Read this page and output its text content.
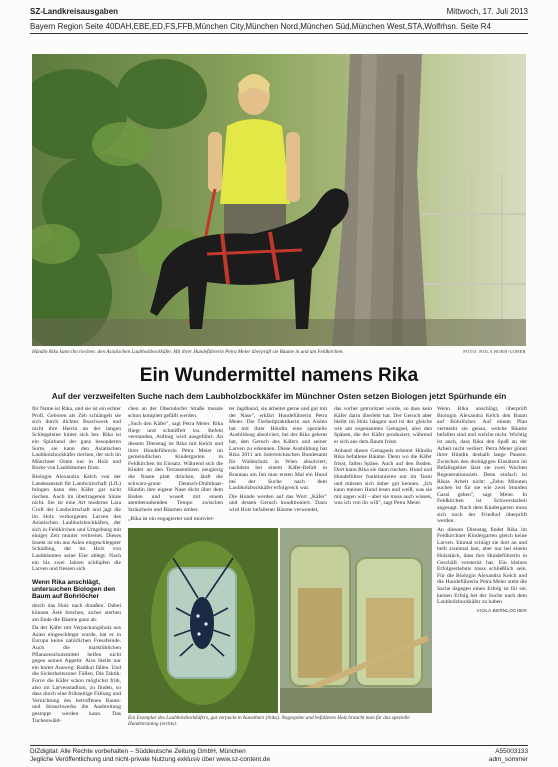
SZ-Landkreisausgaben	Mittwoch, 17. Juli 2013
Bayern Region Seite 40DAH,EBE,ED,FS,FFB,München City,München Nord,München Süd,München West,STA,Wolfrhsn. Seite R4
Hündin Rika kann ihn riechen: den Asiatischen Laubholzbockkäfer. Mit ihrer Hundeführerin Petra Meier überprüft sie Bäume in und um Feldkirchen.	FOTO: NOLA BORN-LOHER
Ein Wundermittel namens Rika
Auf der verzweifelten Suche nach dem Laubholzbockkäfer im Münchner Osten setzen Biologen jetzt Spürhunde ein

Ihr Name ist Rika, und sie ist ein echter Profi. Geboren als Zeh schlängelt sie sich durch dichtes Buschwerk und nicht ihre Herrin an der langen Schleppleine hinter sich her. Rika ist ein Spürhund der ganz besonderen Sorte, sie kann den Asiatischen Laubholzbockkäfer riechen, der sich im Münchner Osten nur in Holz und Borke von Laubbäumen frisst.

Biologin Alexandra Kelch von der Landesanstalt für Landwirtschaft (LfL) bringen kann den Käfer gar nicht riechen. Auch im übertragenen Sinne nicht. Sie ist eine Art moderne Lara Croft der Landwirtschaft und jagt die im Holz verborgenen Larven des Asiatischen Laubholzbockkäfers, der sich in Feldkirchen und Umgebung mit einiger Zeit munter verbreitet. Dieses Insekt ist ein aus Asien eingeschleppter Schädling, der im Holz von Laubbäumen seine Eier ablegt. Nach ein bis zwei Jahren schlüpfen die Larven und fressen sich

Wenn Rika anschlägt, untersuchen Biologen den Baum auf Bohrlöcher

durch das Holz nach draußen. Dabei können Äste brechen, sicher sterben am Ende die Bäume ganz ab.

Da der Käfer mit Verpackungsholz aus Asien eingeschleppt wurde, hat er in Europa keine natürlichen Fressfeinde. Auch die marktüblichen Pflanzenschutzmittel helfen nicht gegen seinen Appetit. Also bleibt nur ein harter Ausweg: Radikal fällen. Und die Sicherheitszone: Fällen. Die Taktik: Force die Käfer schon möglichst früh, also im Larvenstadium, zu finden, so dass durch eine frühzeitige Fällung und Vernichtung des betroffenen Baum- und Strauchwerks die Ausbreitung gestoppt werden kann. Das Tuchenwäld-

chen an der Oberndorfer Straße musste schon komplett gefällt werden.

„Such den Käfer", sagt Petra Meier. Rika fliegt und schnüffelt los. Befehl verstanden, Auftrag wird ausgeführt. An diesem Dienstag ist Rika mit Kelch und ihrer Hundeführerin Petra Meier im gemeindlichen Kindergarten in Feldkirchen im Einsatz. Während sich die Kinder an den Terrassentüren neugierig die Nasen platt drücken, läuft die schwarz-graue Deutsch-Drahthaar-Hündin ihre eigene Nase dicht über dem Boden und wuselt mit einem atemberaubenden Tempo zwischen Sträuchern und Bäumen umher.

„Rika ist ein engagierter und motivier-

ter Jagdhund, sie arbeitet gerne und gut mit der Nase", erklärt Hundeführerin Petra Meier. Die Tierheilpraktikerin aus Aislen hat mit ihrer Hündin eine spezielle Ausbildung absolviert, bei der Rika gelernt hat, den Geruch des Käfers und seiner Larven zu erkennen. Diese Ausbildung hat Rika 2011 am österreichischen Bundesamt für Waldschutz in Wien absolviert, nachdem bei einem Käfer-Befall in Braunau am Inn man ersten Mal ein Hund bei der Suche nach dem Laubholzbockkäfer erfolgreich war.

Die Hunde werden auf das Wort „Käfer" und dessen Geruch konditioniert. Dazu wird Holz befallener Bäume verwendet,

das vorher getrocknet wurde, so dass kein Käfer darin überlebt hat. Der Geruch aber bleibt im Holz hängen und ist der gleiche wie am sogenannten Genagsel, also den Spänen, die der Käfer produziert, während er sich aus dem Baum frisst.

Anhand dieses Genagsels erkennt Hündin Rika befallene Bäume. Denn wo die Käfer frisst, fallen Späne. Auch auf den Boden. Dort kann Rika sie dann riechen. Hund und Hundeführer funktionieren nur im Team und müssen sich daher gut kennen. „Ich kann meinen Hund lesen und weiß, was sie mir sagen will – aber sie muss auch wissen, was ich von ihr will", sagt Petra Meier.

Wenn Rika anschlägt, überprüft Biologin Alexandra Kelch den Baum auf Bohrlöcher. Auf einem Plan vermerkt sie genau, welche Bäume befallen sind und welche nicht. Wichtig ist auch, dass Rika den Spaß an der Arbeit nicht verliert. Petra Meier gönnt ihrer Hündin deshalb lange Pausen. Zwischen den dreitägigen Einsätzen im Befallsgebiet lässt sie zwei Wochen Regenerationszeit. Denn einfach ist Rikas Arbeit nicht: „Zehn Minuten suchen ist für sie wie zwei Stunden Gassi gehen", sagt Meier. In Feldkirchen ist Schwerstarbeit angesagt. Nach dem Kindergarten muss sich noch der Friedhof überprüft werden.

An diesem Dienstag findet Rika im Feldkirchner Kindergarten gleich keine Larven. Einmal schlägt sie dort an und bellt zweimal laut, aber nur bei einem Holzstück, dass ihre Hundeführerin in Geschäft versteckt hat. Ein kleines Erfolgserlebnis muss schließlich sein. Für die Biologin Alexandra Kelch und die Hundeführerin Petra Meier steht die Sache dagegen einen Erfolg ist für sie, keinen Erfolg bei der Suche nach dem Laubholzbockkäfer zu haben.

VIOLA BERNLOCHER
Ein Exemplar des Laubholzbockkäfers, gut verpackt in Kunstharz (links). Nagespäne und befallenes Holz braucht man für das spezielle Hundetraining (rechts).
DIZdigital: Alle Rechte vorbehalten – Süddeutsche Zeitung GmbH, München	A55003133
Jegliche Veröffentlichung und nicht-private Nutzung exklusiv über www.sz-content.de	adm_sommer
